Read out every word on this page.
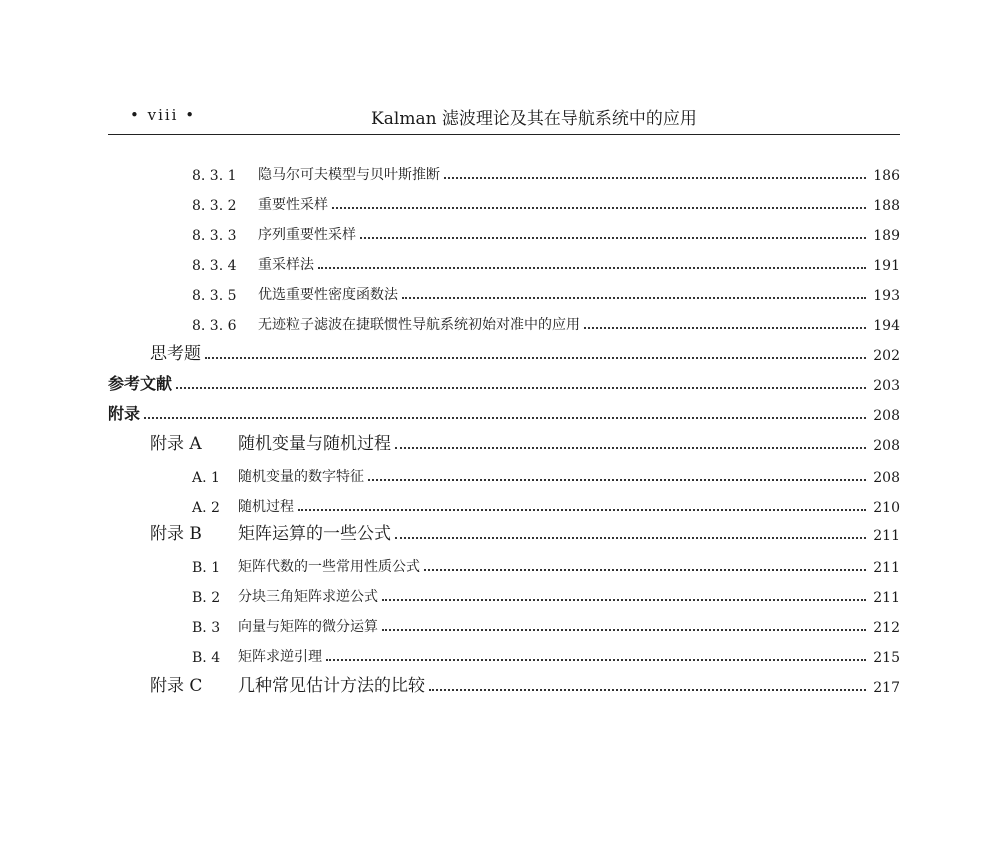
• viii •	Kalman 滤波理论及其在导航系统中的应用
8. 3. 1 隐马尔可夫模型与贝叶斯推断	186
8. 3. 2 重要性采样	188
8. 3. 3 序列重要性采样	189
8. 3. 4 重采样法	191
8. 3. 5 优选重要性密度函数法	193
8. 3. 6 无迹粒子滤波在捷联惯性导航系统初始对准中的应用	194
思考题	202
参考文献	203
附录	208
附录 A	随机变量与随机过程	208
A. 1	随机变量的数字特征	208
A. 2	随机过程	210
附录 B	矩阵运算的一些公式	211
B. 1	矩阵代数的一些常用性质公式	211
B. 2	分块三角矩阵求逆公式	211
B. 3	向量与矩阵的微分运算	212
B. 4	矩阵求逆引理	215
附录 C	几种常见估计方法的比较	217
